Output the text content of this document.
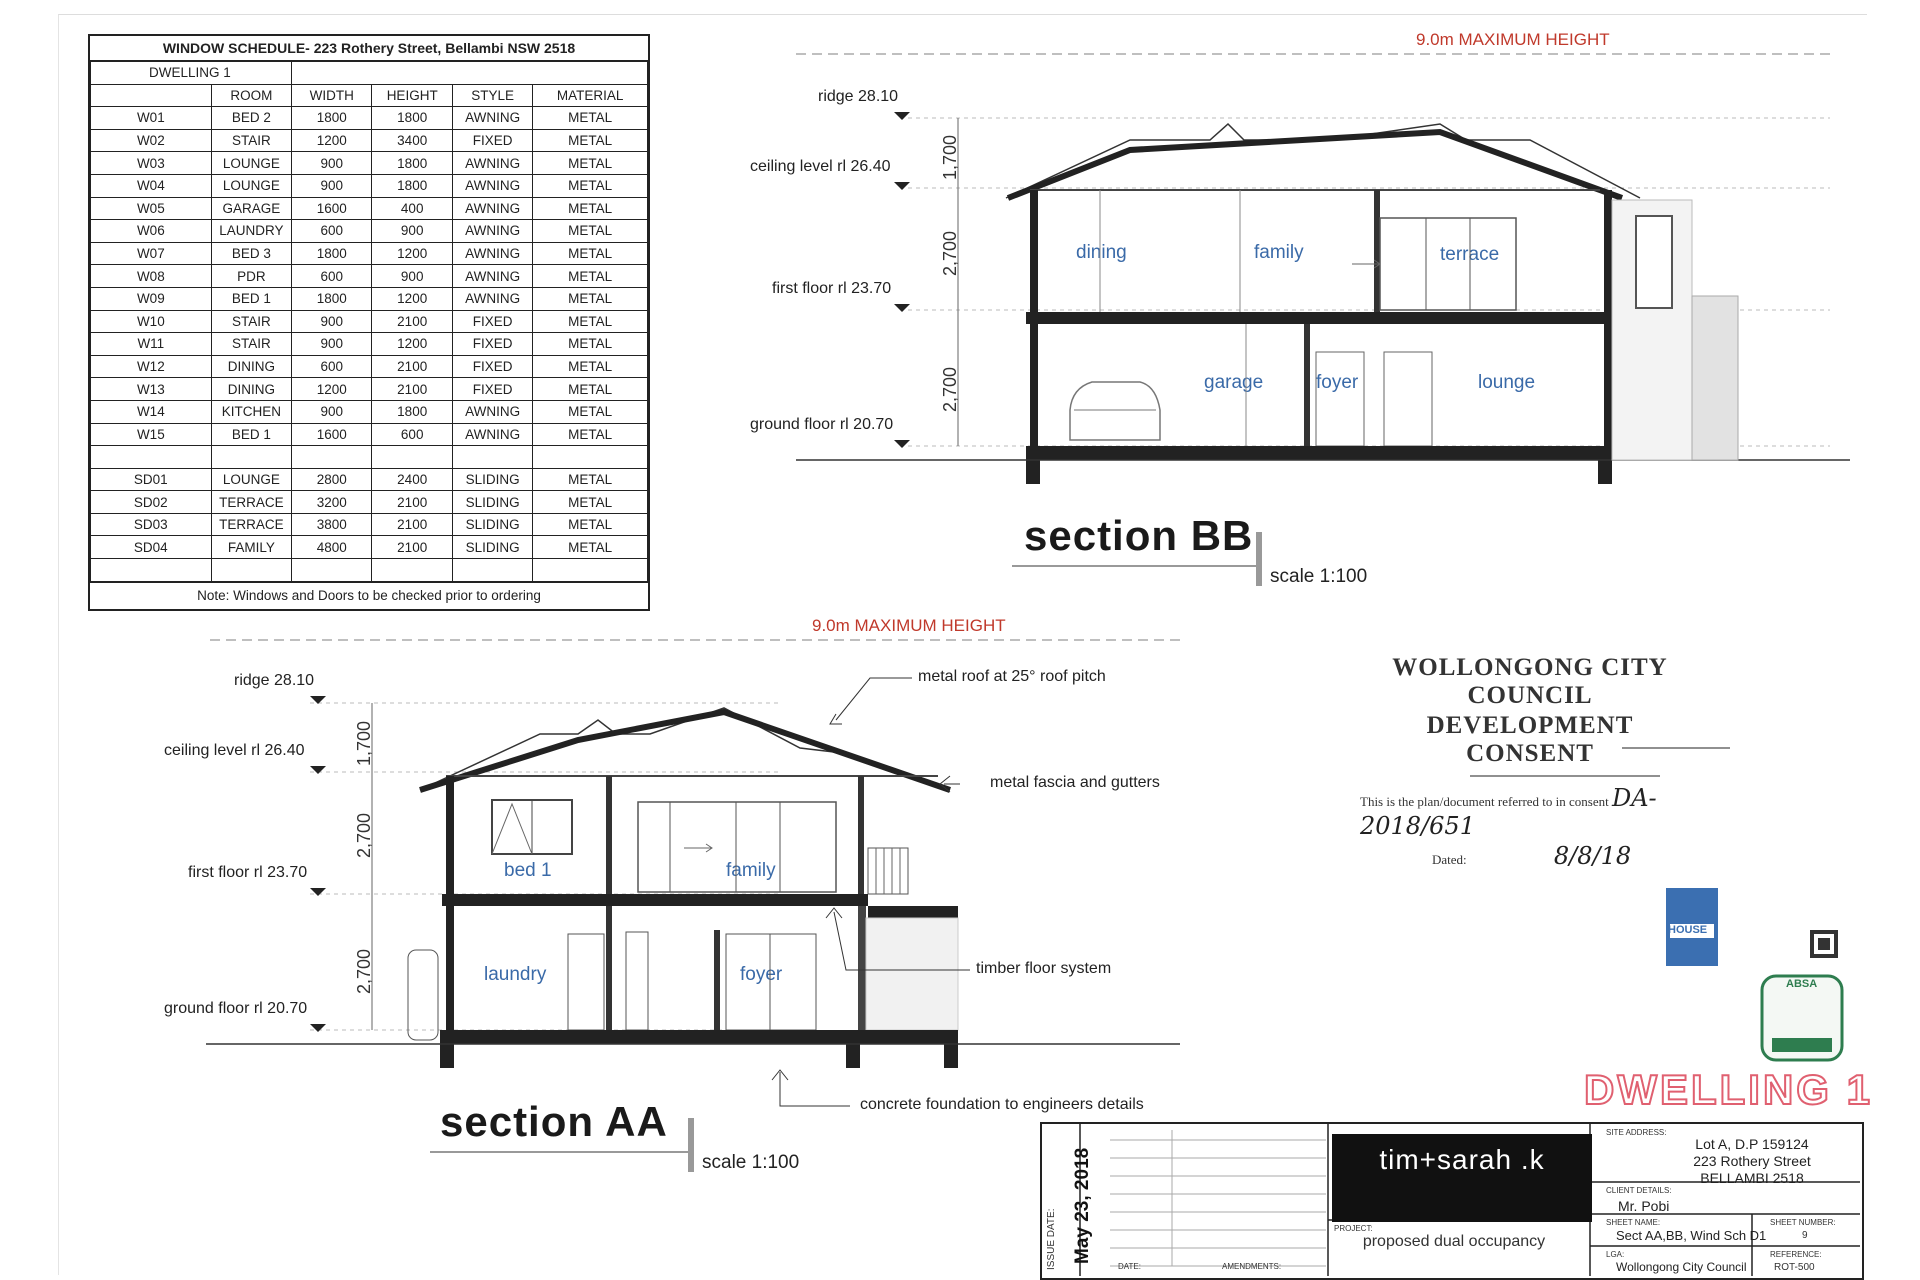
WINDOW SCHEDULE- 223 Rothery Street, Bellambi NSW 2518
DWELLING 1					
	ROOM	WIDTH	HEIGHT	STYLE	MATERIAL
W01	BED 2	1800	1800	AWNING	METAL
W02	STAIR	1200	3400	FIXED	METAL
W03	LOUNGE	900	1800	AWNING	METAL
W04	LOUNGE	900	1800	AWNING	METAL
W05	GARAGE	1600	400	AWNING	METAL
W06	LAUNDRY	600	900	AWNING	METAL
W07	BED 3	1800	1200	AWNING	METAL
W08	PDR	600	900	AWNING	METAL
W09	BED 1	1800	1200	AWNING	METAL
W10	STAIR	900	2100	FIXED	METAL
W11	STAIR	900	1200	FIXED	METAL
W12	DINING	600	2100	FIXED	METAL
W13	DINING	1200	2100	FIXED	METAL
W14	KITCHEN	900	1800	AWNING	METAL
W15	BED 1	1600	600	AWNING	METAL

SD01	LOUNGE	2800	2400	SLIDING	METAL
SD02	TERRACE	3200	2100	SLIDING	METAL
SD03	TERRACE	3800	2100	SLIDING	METAL
SD04	FAMILY	4800	2100	SLIDING	METAL

Note: Windows and Doors to be checked prior to ordering
9.0m MAXIMUM HEIGHT
ridge 28.10
ceiling level rl 26.40
first floor rl 23.70
ground floor rl 20.70
1,700
2,700
2,700
dining	family	terrace
garage	foyer	lounge
section BB
scale 1:100
9.0m MAXIMUM HEIGHT
ridge 28.10
ceiling level rl 26.40
first floor rl 23.70
ground floor rl 20.70
1,700
2,700
2,700
bed 1	family
laundry	foyer
metal roof at 25° roof pitch
metal fascia and gutters
timber floor system
concrete foundation to engineers details
section AA
scale 1:100
WOLLONGONG CITY COUNCIL
DEVELOPMENT CONSENT
This is the plan/document referred to in consent DA-2018/651
Dated:	8/8/18
HOUSE
ABSA
DWELLING 1
ISSUE DATE: May 23, 2018
DATE:	AMENDMENTS:
tim+sarah .k
PROJECT:
proposed dual occupancy
SITE ADDRESS:
Lot A, D.P 159124
223 Rothery Street
BELLAMBI 2518
CLIENT DETAILS:
Mr. Pobi
SHEET NAME:
Sect AA,BB, Wind Sch D1
SHEET NUMBER:
9
LGA:
Wollongong City Council
REFERENCE:
ROT-500
